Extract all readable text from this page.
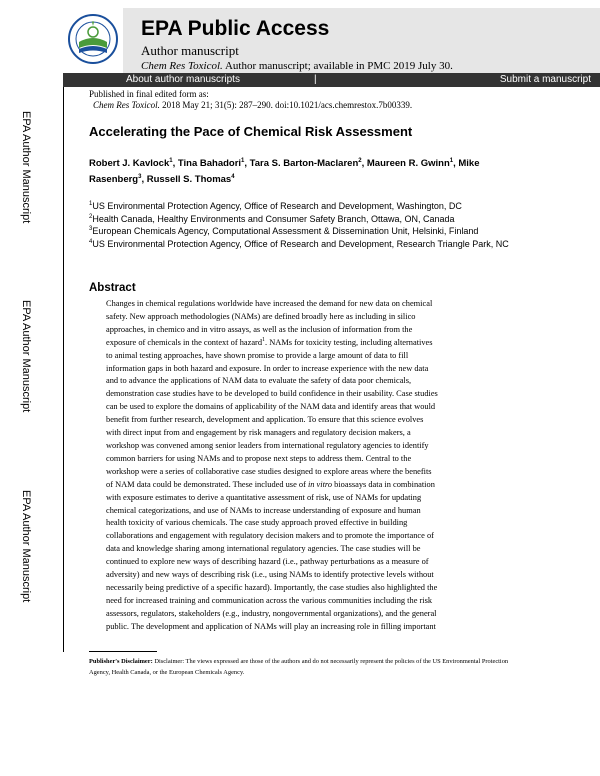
EPA Public Access
Author manuscript
Chem Res Toxicol. Author manuscript; available in PMC 2019 July 30.
About author manuscripts	|	Submit a manuscript
EPA Author Manuscript
EPA Author Manuscript
EPA Author Manuscript
Published in final edited form as:
Chem Res Toxicol. 2018 May 21; 31(5): 287–290. doi:10.1021/acs.chemrestox.7b00339.
Accelerating the Pace of Chemical Risk Assessment
Robert J. Kavlock$^1$, Tina Bahadori$^1$, Tara S. Barton-Maclaren$^2$, Maureen R. Gwinn$^1$, Mike Rasenberg$^3$, Russell S. Thomas$^4$
$^1$US Environmental Protection Agency, Office of Research and Development, Washington, DC
$^2$Health Canada, Healthy Environments and Consumer Safety Branch, Ottawa, ON, Canada
$^3$European Chemicals Agency, Computational Assessment & Dissemination Unit, Helsinki, Finland
$^4$US Environmental Protection Agency, Office of Research and Development, Research Triangle Park, NC
Abstract
Changes in chemical regulations worldwide have increased the demand for new data on chemical
safety. New approach methodologies (NAMs) are defined broadly here as including in silico
approaches, in chemico and in vitro assays, as well as the inclusion of information from the
exposure of chemicals in the context of hazard$^1$. NAMs for toxicity testing, including alternatives
to animal testing approaches, have shown promise to provide a large amount of data to fill
information gaps in both hazard and exposure. In order to increase experience with the new data
and to advance the applications of NAM data to evaluate the safety of data poor chemicals,
demonstration case studies have to be developed to build confidence in their usability. Case studies
can be used to explore the domains of applicability of the NAM data and identify areas that would
benefit from further research, development and application. To ensure that this science evolves
with direct input from and engagement by risk managers and regulatory decision makers, a
workshop was convened among senior leaders from international regulatory agencies to identify
common barriers for using NAMs and to propose next steps to address them. Central to the
workshop were a series of collaborative case studies designed to explore areas where the benefits
of NAM data could be demonstrated. These included use of in vitro bioassays data in combination
with exposure estimates to derive a quantitative assessment of risk, use of NAMs for updating
chemical categorizations, and use of NAMs to increase understanding of exposure and human
health toxicity of various chemicals. The case study approach proved effective in building
collaborations and engagement with regulatory decision makers and to promote the importance of
data and knowledge sharing among international regulatory agencies. The case studies will be
continued to explore new ways of describing hazard (i.e., pathway perturbations as a measure of
adversity) and new ways of describing risk (i.e., using NAMs to identify protective levels without
necessarily being predictive of a specific hazard). Importantly, the case studies also highlighted the
need for increased training and communication across the various communities including the risk
assessors, regulators, stakeholders (e.g., industry, nongovernmental organizations), and the general
public. The development and application of NAMs will play an increasing role in filling important
Publisher's Disclaimer: Disclaimer: The views expressed are those of the authors and do not necessarily represent the policies of the US Environmental Protection Agency, Health Canada, or the European Chemicals Agency.
